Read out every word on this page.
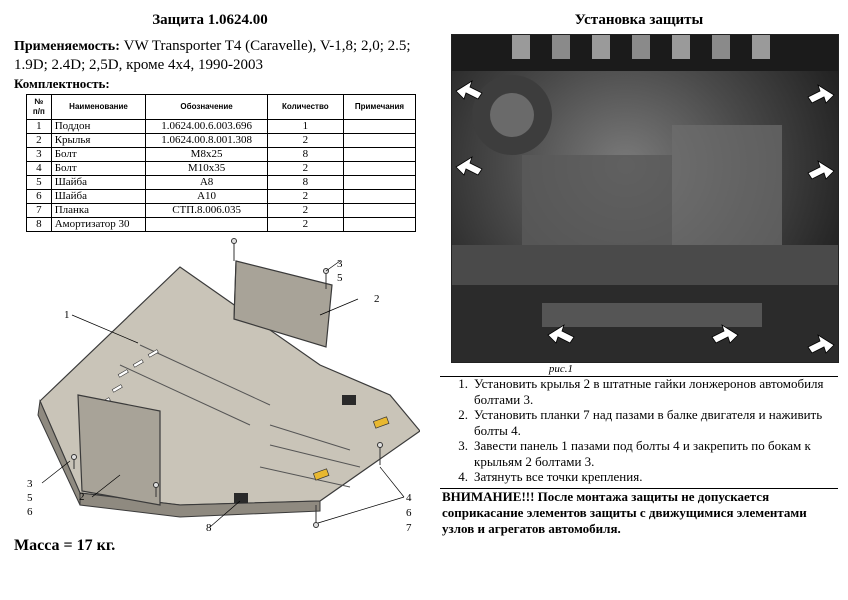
Защита 1.0624.00
Применяемость: VW Transporter T4 (Caravelle), V-1,8; 2,0; 2.5; 1.9D; 2.4D; 2,5D, кроме 4х4, 1990-2003
Комплектность:
№ п/п	Наименование	Обозначение	Количество	Примечания
1	Поддон	1.0624.00.6.003.696	1	
2	Крылья	1.0624.00.8.001.308	2	
3	Болт	M8x25	8	
4	Болт	M10x35	2	
5	Шайба	A8	8	
6	Шайба	A10	2	
7	Планка	СТП.8.006.035	2	
8	Амортизатор 30		2	
1
2
3
5
2
3
5
6
8
4
6
7
Масса = 17 кг.
Установка защиты
рис.1
1. Установить крылья 2 в штатные гайки лонжеронов автомобиля болтами 3.
2. Установить планки 7 над пазами в балке двигателя и наживить болты 4.
3. Завести панель 1 пазами под болты 4 и закрепить по бокам к крыльям 2 болтами 3.
4. Затянуть все точки крепления.
ВНИМАНИЕ!!! После монтажа защиты не допускается соприкасание элементов защиты с движущимися элементами узлов и агрегатов автомобиля.
